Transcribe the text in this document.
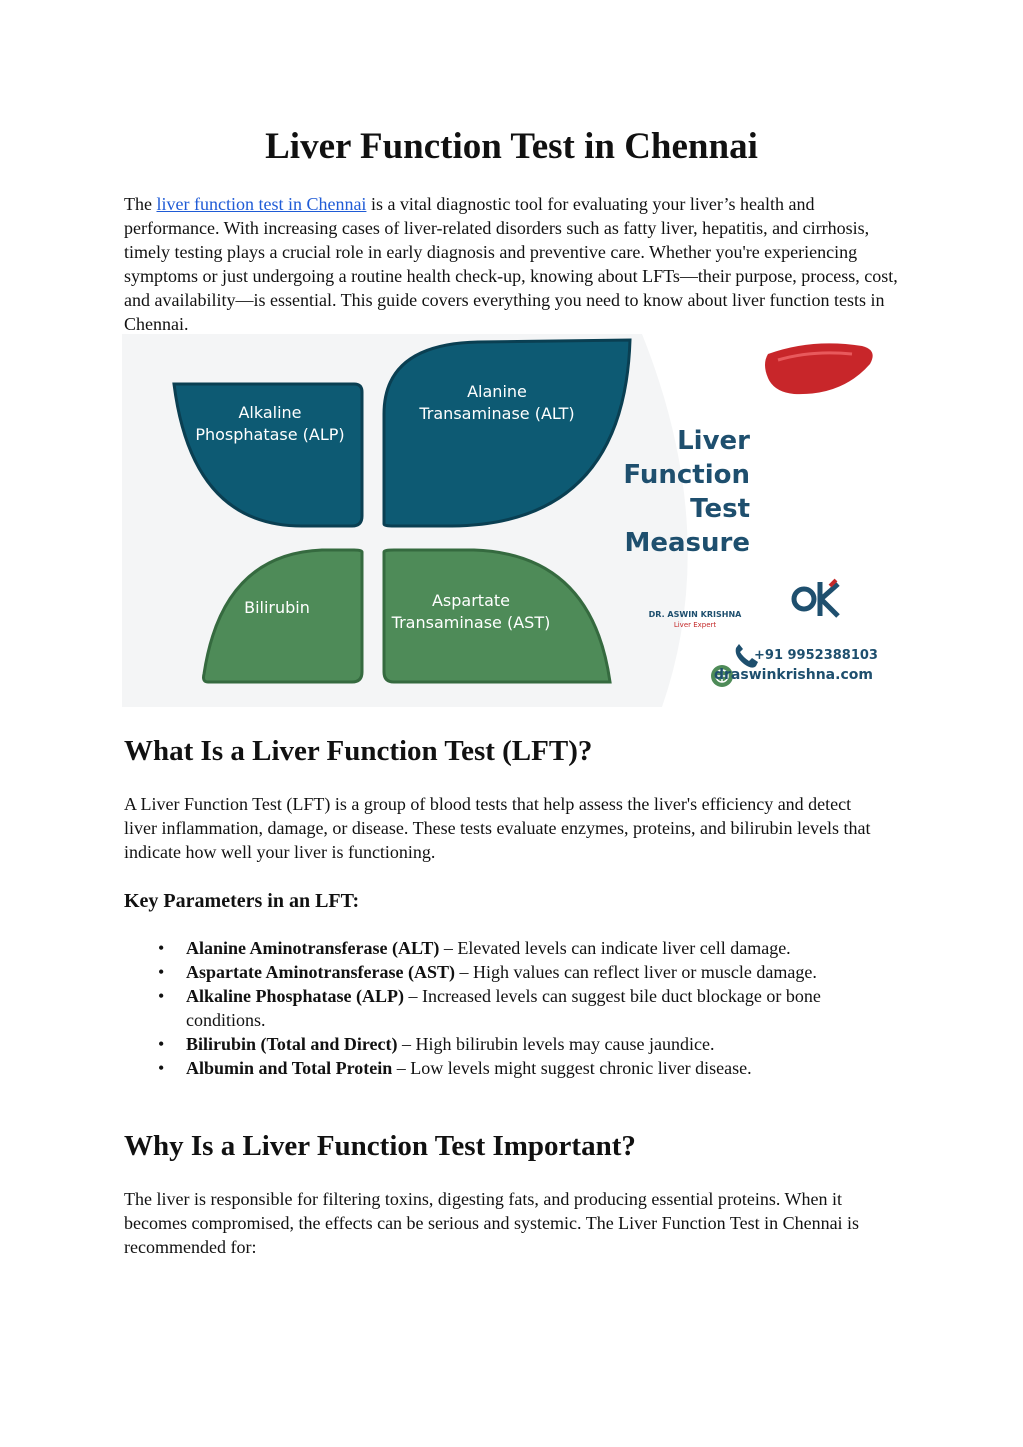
Liver Function Test in Chennai

The liver function test in Chennai is a vital diagnostic tool for evaluating your liver’s health and performance. With increasing cases of liver-related disorders such as fatty liver, hepatitis, and cirrhosis, timely testing plays a crucial role in early diagnosis and preventive care. Whether you're experiencing symptoms or just undergoing a routine health check-up, knowing about LFTs—their purpose, process, cost, and availability—is essential. This guide covers everything you need to know about liver function tests in Chennai.

Alkaline Phosphatase (ALP)
Alanine Transaminase (ALT)
Bilirubin	Aspartate Transaminase (AST)
Liver
Function
Test
Measure
DR. ASWIN KRISHNA
Liver Expert
+91 9952388103
draswinkrishna.com
What Is a Liver Function Test (LFT)?

A Liver Function Test (LFT) is a group of blood tests that help assess the liver's efficiency and detect liver inflammation, damage, or disease. These tests evaluate enzymes, proteins, and bilirubin levels that indicate how well your liver is functioning.

Key Parameters in an LFT:
• Alanine Aminotransferase (ALT) – Elevated levels can indicate liver cell damage.
• Aspartate Aminotransferase (AST) – High values can reflect liver or muscle damage.
• Alkaline Phosphatase (ALP) – Increased levels can suggest bile duct blockage or bone conditions.
• Bilirubin (Total and Direct) – High bilirubin levels may cause jaundice.
• Albumin and Total Protein – Low levels might suggest chronic liver disease.
Why Is a Liver Function Test Important?

The liver is responsible for filtering toxins, digesting fats, and producing essential proteins. When it becomes compromised, the effects can be serious and systemic. The Liver Function Test in Chennai is recommended for:
